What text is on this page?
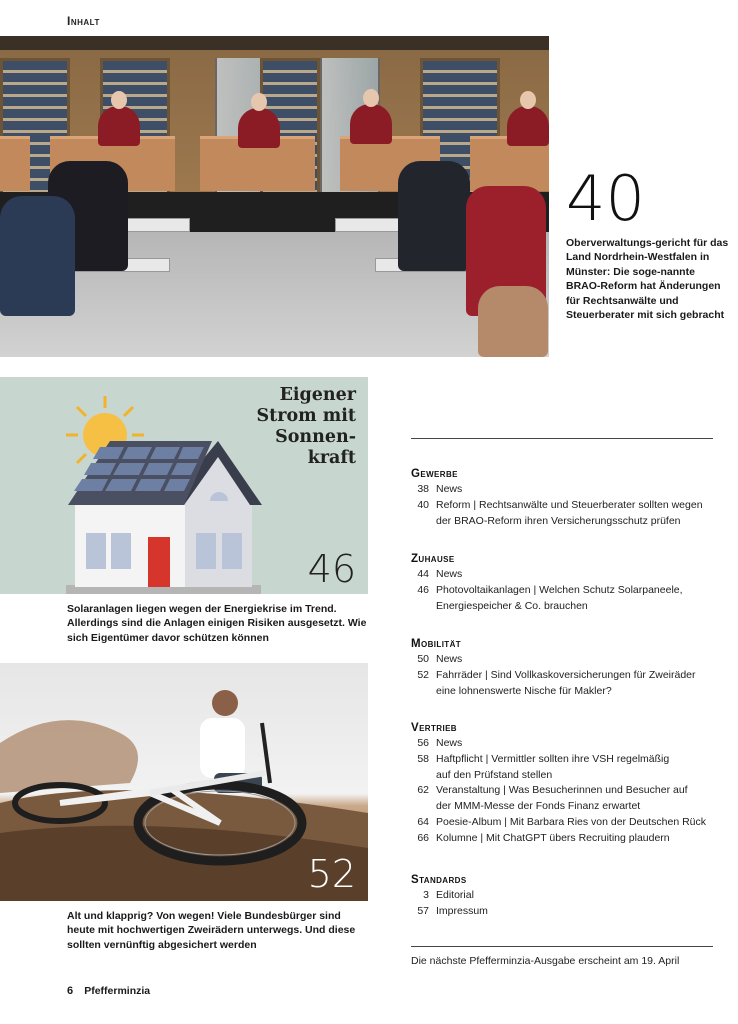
Inhalt
40
Oberverwaltungs-gericht für das Land Nordrhein-Westfalen in Münster: Die soge-nannte BRAO-Reform hat Änderungen für Rechtsanwälte und Steuerberater mit sich gebracht
Eigener
Strom mit
Sonnen-
kraft
46
Solaranlagen liegen wegen der Energiekrise im Trend. Allerdings sind die Anlagen einigen Risiken ausgesetzt. Wie sich Eigentümer davor schützen können
52
Alt und klapprig? Von wegen! Viele Bundesbürger sind heute mit hochwertigen Zweirädern unterwegs. Und diese sollten vernünftig abgesichert werden
Gewerbe
38 News
40 Reform | Rechtsanwälte und Steuerberater sollten wegen
der BRAO-Reform ihren Versicherungsschutz prüfen
Zuhause
44 News
46 Photovoltaikanlagen | Welchen Schutz Solarpaneele,
Energiespeicher & Co. brauchen
Mobilität
50 News
52 Fahrräder | Sind Vollkaskoversicherungen für Zweiräder
eine lohnenswerte Nische für Makler?
Vertrieb
56 News
58 Haftpflicht | Vermittler sollten ihre VSH regelmäßig
auf den Prüfstand stellen
62 Veranstaltung | Was Besucherinnen und Besucher auf
der MMM-Messe der Fonds Finanz erwartet
64 Poesie-Album | Mit Barbara Ries von der Deutschen Rück
66 Kolumne | Mit ChatGPT übers Recruiting plaudern
Standards
3 Editorial
57 Impressum
Die nächste Pfefferminzia-Ausgabe erscheint am 19. April
6 Pfefferminzia
